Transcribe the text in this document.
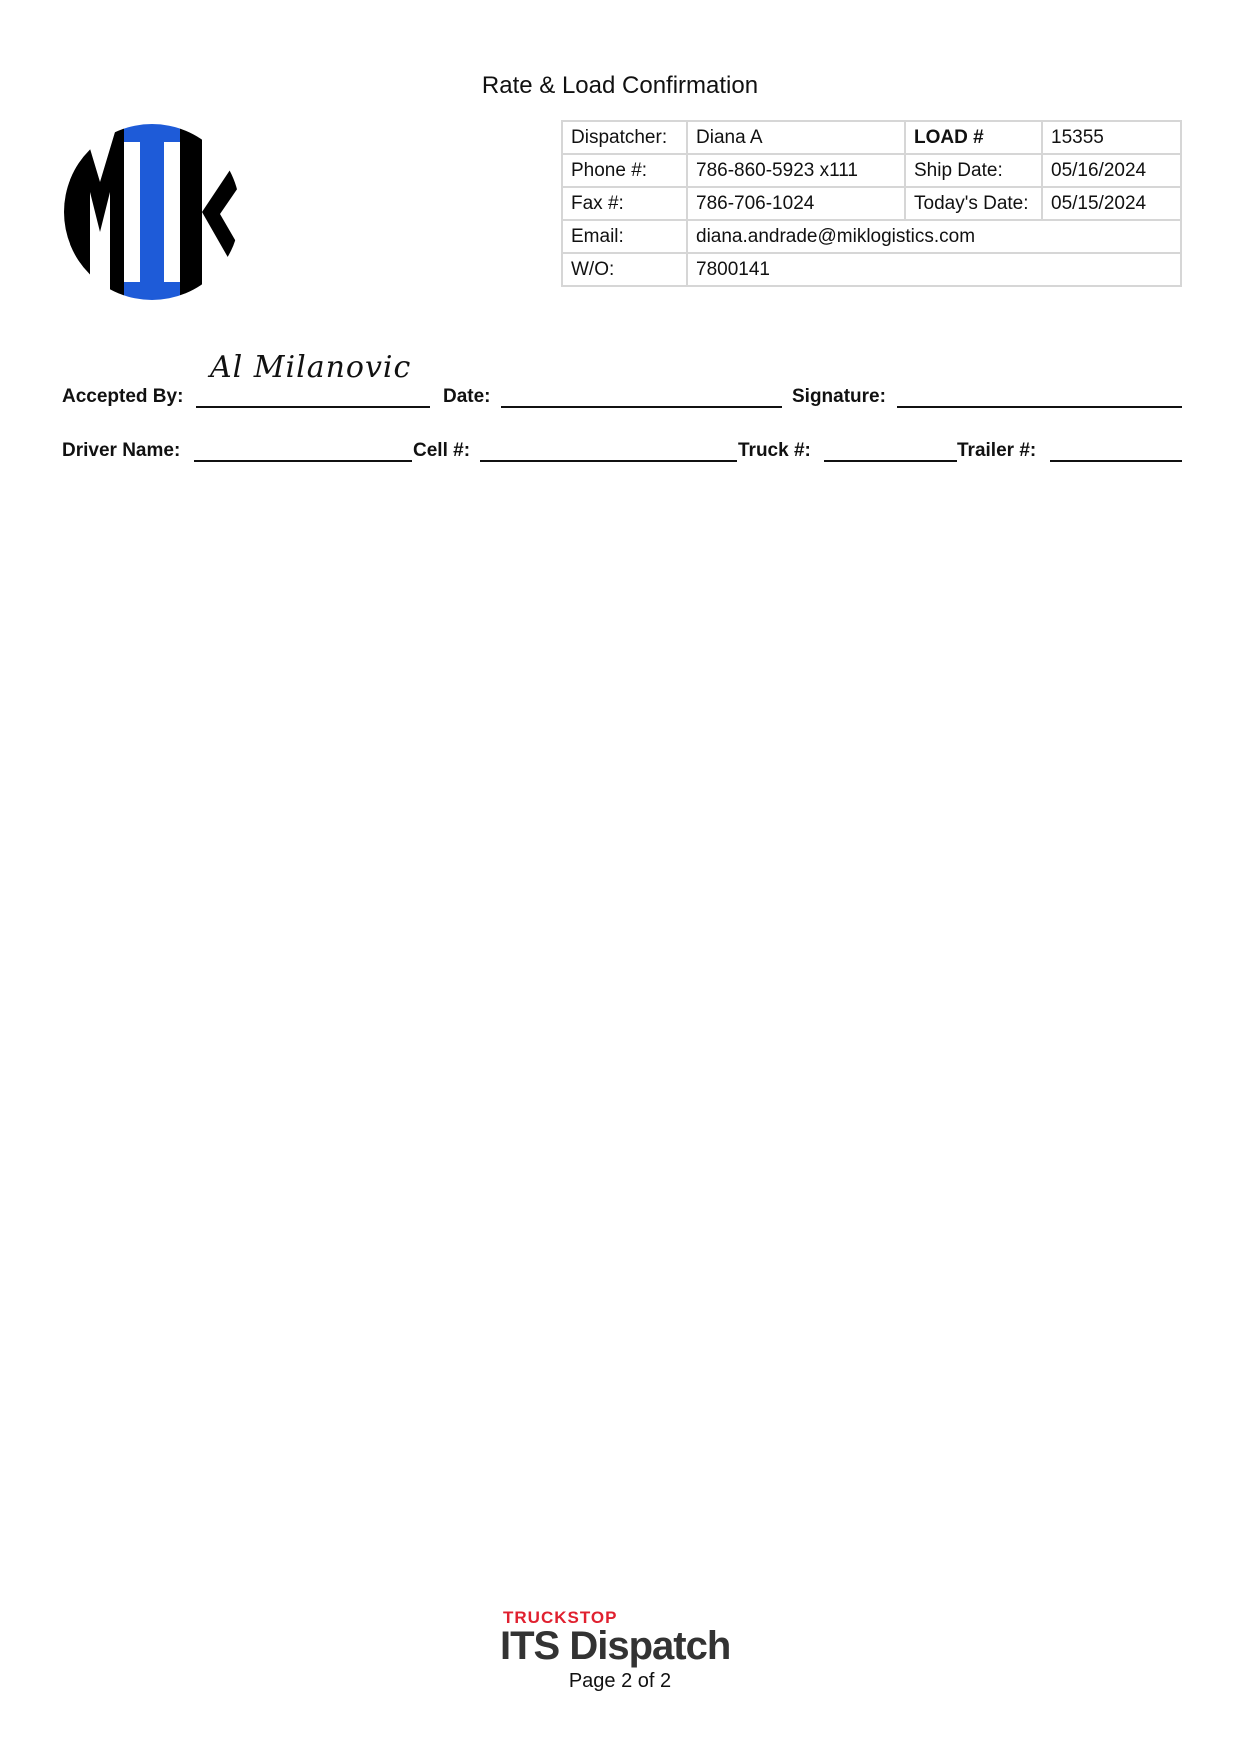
Rate & Load Confirmation
Dispatcher:	Diana A	LOAD #	15355
Phone #:	786-860-5923 x111	Ship Date:	05/16/2024
Fax #:	786-706-1024	Today's Date:	05/15/2024
Email:	diana.andrade@miklogistics.com		
W/O:	7800141		
Accepted By:	Date:	Signature:
Al Milanovic
Driver Name:	Cell #:	Truck #:	Trailer #:
TRUCKSTOP
ITS Dispatch
Page 2 of 2
